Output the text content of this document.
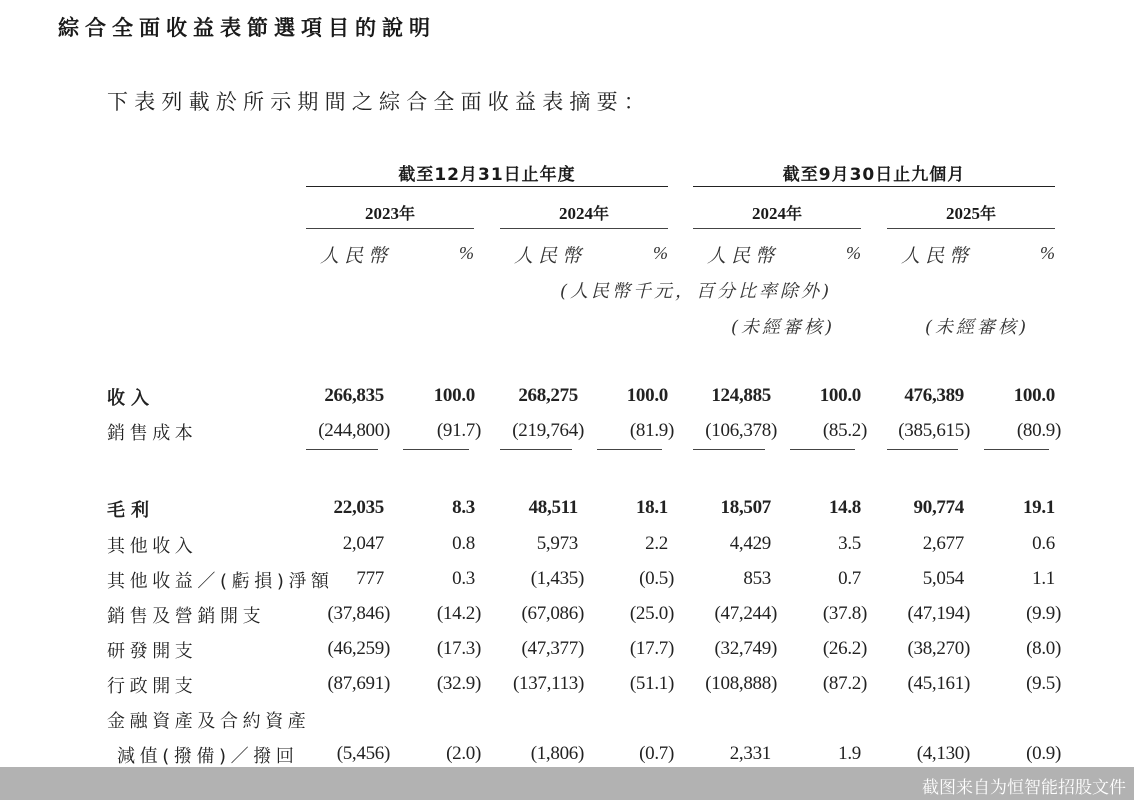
綜合全面收益表節選項目的說明
下表列載於所示期間之綜合全面收益表摘要：
截至12月31日止年度	截至9月30日止九個月
2023年	2024年	2024年	2025年
人民幣	% 人民幣	% 人民幣	% 人民幣	%
(人民幣千元，百分比率除外)
(未經審核)	(未經審核)
收入	266,835	100.0	268,275	100.0	124,885	100.0	476,389	100.0
銷售成本	(244,800)	(91.7)	(219,764)	(81.9)	(106,378)	(85.2)	(385,615)	(80.9)
毛利	22,035	8.3	48,511	18.1	18,507	14.8	90,774	19.1
其他收入	2,047	0.8	5,973	2.2	4,429	3.5	2,677	0.6
其他收益／(虧損)淨額	777	0.3	(1,435)	(0.5)	853	0.7	5,054	1.1
銷售及營銷開支	(37,846)	(14.2)	(67,086)	(25.0)	(47,244)	(37.8)	(47,194)	(9.9)
研發開支	(46,259)	(17.3)	(47,377)	(17.7)	(32,749)	(26.2)	(38,270)	(8.0)
行政開支	(87,691)	(32.9)	(137,113)	(51.1)	(108,888)	(87.2)	(45,161)	(9.5)
金融資產及合約資產
減值(撥備)／撥回	(5,456)	(2.0)	(1,806)	(0.7)	2,331	1.9	(4,130)	(0.9)
截图来自为恒智能招股文件
